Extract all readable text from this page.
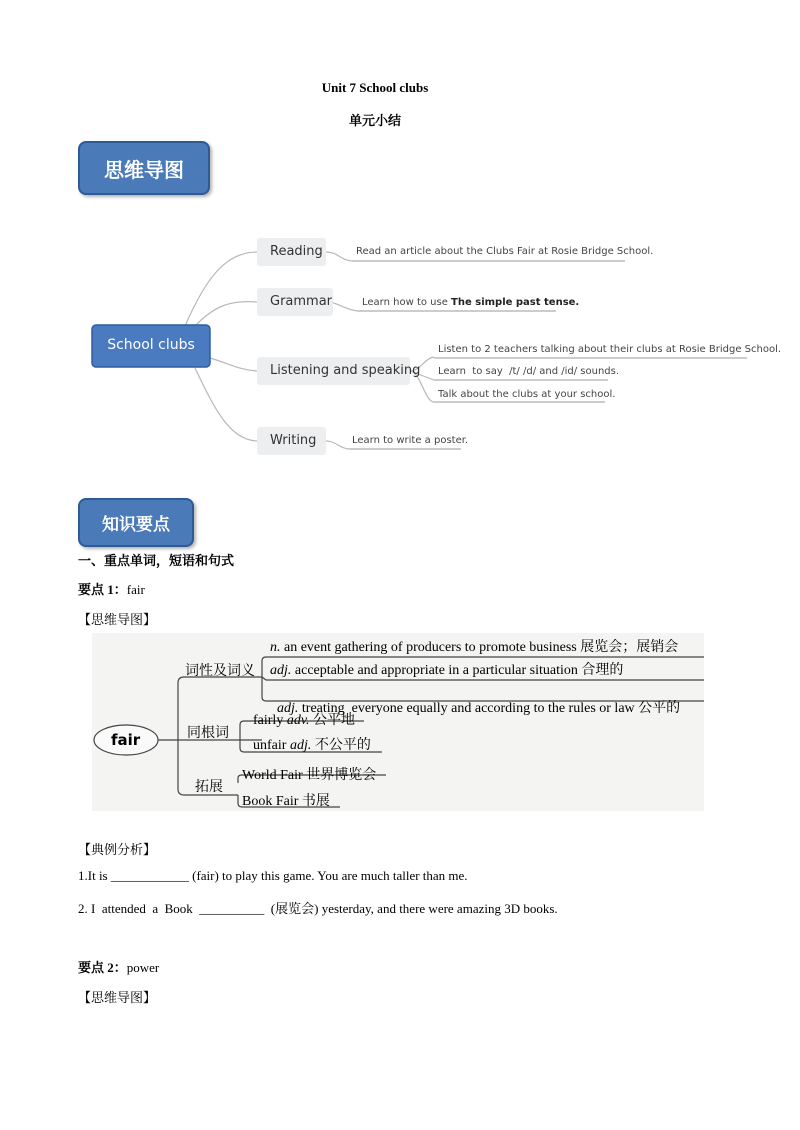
Unit 7 School clubs
单元小结
思维导图
School clubs
Reading
Grammar
Listening and speaking
Writing
Read an article about the Clubs Fair at Rosie Bridge School.
Learn how to use The simple past tense.
Listen to 2 teachers talking about their clubs at Rosie Bridge School.
Learn  to say  /t/ /d/ and /id/ sounds.
Talk about the clubs at your school.
Learn to write a poster.
知识要点
一、重点单词，短语和句式
要点 1：fair
【思维导图】
fair
词性及词义
同根词
拓展
n. an event gathering of producers to promote business 展览会；展销会
adj. acceptable and appropriate in a particular situation 合理的

adj. treating  everyone equally and according to the rules or law 公平的

fairly adv. 公平地
unfair adj. 不公平的
World Fair 世界博览会
Book Fair 书展
【典例分析】
1.It is ____________ (fair) to play this game. You are much taller than me.
2. I  attended  a  Book  __________  (展览会) yesterday, and there were amazing 3D books.
要点 2：power
【思维导图】
